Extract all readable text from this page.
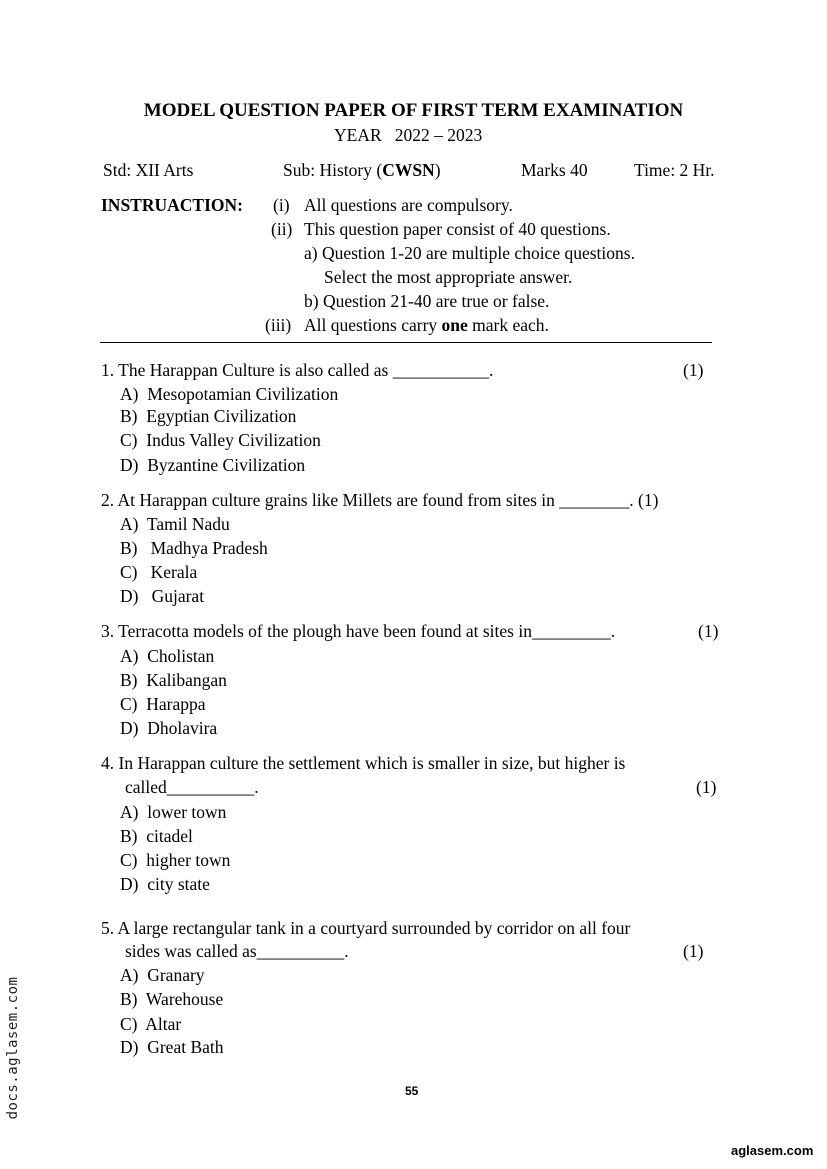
MODEL QUESTION PAPER OF FIRST TERM EXAMINATION
YEAR   2022 – 2023
Std: XII Arts	Sub: History (CWSN)	Marks 40	Time: 2 Hr.
INSTRUACTION: (i) All questions are compulsory.
(ii) This question paper consist of 40 questions.
a) Question 1-20 are multiple choice questions.
Select the most appropriate answer.
b) Question 21-40 are true or false.
(iii) All questions carry one mark each.
1. The Harappan Culture is also called as ___________.	(1)
A)  Mesopotamian Civilization
B)  Egyptian Civilization
C)  Indus Valley Civilization
D)  Byzantine Civilization
2. At Harappan culture grains like Millets are found from sites in ________. (1)
A)  Tamil Nadu
B)   Madhya Pradesh
C)   Kerala
D)   Gujarat
3. Terracotta models of the plough have been found at sites in_________.	(1)
A)  Cholistan
B)  Kalibangan
C)  Harappa
D)  Dholavira
4. In Harappan culture the settlement which is smaller in size, but higher is
called__________.	(1)
A)  lower town
B)  citadel
C)  higher town
D)  city state
5. A large rectangular tank in a courtyard surrounded by corridor on all four
sides was called as__________.	(1)
A)  Granary
B)  Warehouse
C)  Altar
D)  Great Bath
55
docs.aglasem.com
aglasem.com
